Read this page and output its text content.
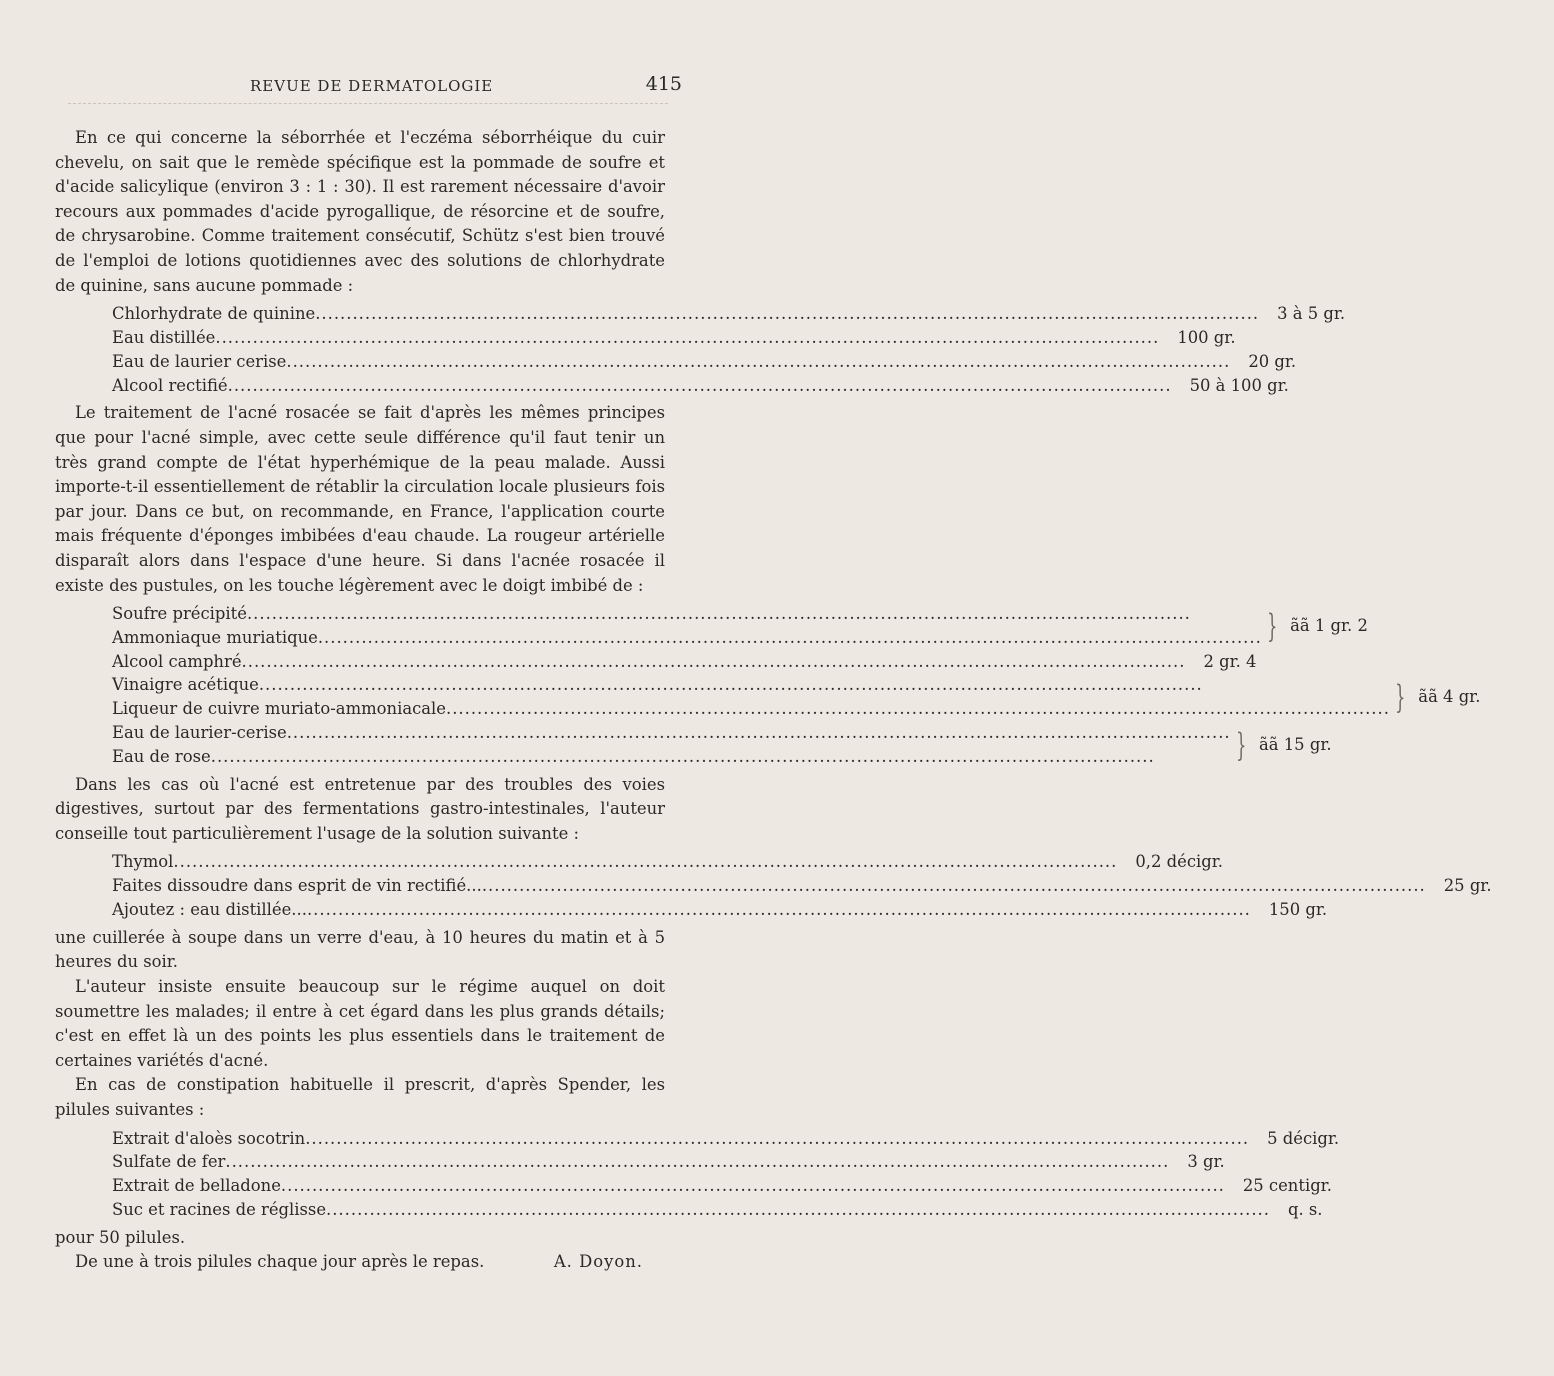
REVUE DE DERMATOLOGIE	415

En ce qui concerne la séborrhée et l'eczéma séborrhéique du cuir chevelu, on sait que le remède spécifique est la pommade de soufre et d'acide salicylique (environ 3 : 1 : 30). Il est rarement nécessaire d'avoir recours aux pommades d'acide pyrogallique, de résorcine et de soufre, de chrysarobine. Comme traitement consécutif, Schütz s'est bien trouvé de l'emploi de lotions quotidiennes avec des solutions de chlorhydrate de quinine, sans aucune pommade :

Chlorhydrate de quinine .....	3 à 5 gr.
Eau distillée .....	100 gr.
Eau de laurier cerise .....	20 gr.
Alcool rectifié .....	50 à 100 gr.

Le traitement de l'acné rosacée se fait d'après les mêmes principes que pour l'acné simple, avec cette seule différence qu'il faut tenir un très grand compte de l'état hyperhémique de la peau malade. Aussi importe-t-il essentiellement de rétablir la circulation locale plusieurs fois par jour. Dans ce but, on recommande, en France, l'application courte mais fréquente d'éponges imbibées d'eau chaude. La rougeur artérielle disparaît alors dans l'espace d'une heure. Si dans l'acnée rosacée il existe des pustules, on les touche légèrement avec le doigt imbibé de :

Soufre précipité
.....
Ammoniaque muriatique .....	} ãã 1 gr. 2
Alcool camphré .....	2 gr. 4
Vinaigre acétique
.....
Liqueur de cuivre muriato-ammoniacale .....	} ãã 4 gr.
Eau de laurier-cerise
.....
Eau de rose .....	} ãã 15 gr.

Dans les cas où l'acné est entretenue par des troubles des voies digestives, surtout par des fermentations gastro-intestinales, l'auteur conseille tout particulièrement l'usage de la solution suivante :

Thymol .....	0,2 décigr.
Faites dissoudre dans esprit de vin rectifié... .....	25 gr.
Ajoutez : eau distillée... .....	150 gr.

une cuillerée à soupe dans un verre d'eau, à 10 heures du matin et à 5 heures du soir.

L'auteur insiste ensuite beaucoup sur le régime auquel on doit soumettre les malades; il entre à cet égard dans les plus grands détails; c'est en effet là un des points les plus essentiels dans le traitement de certaines variétés d'acné.

En cas de constipation habituelle il prescrit, d'après Spender, les pilules suivantes :

Extrait d'aloès socotrin .....	5 décigr.
Sulfate de fer .....	3 gr.
Extrait de belladone .....	25 centigr.
Suc et racines de réglisse .....	q. s.

pour 50 pilules.

De une à trois pilules chaque jour après le repas.	A. Doyon.
